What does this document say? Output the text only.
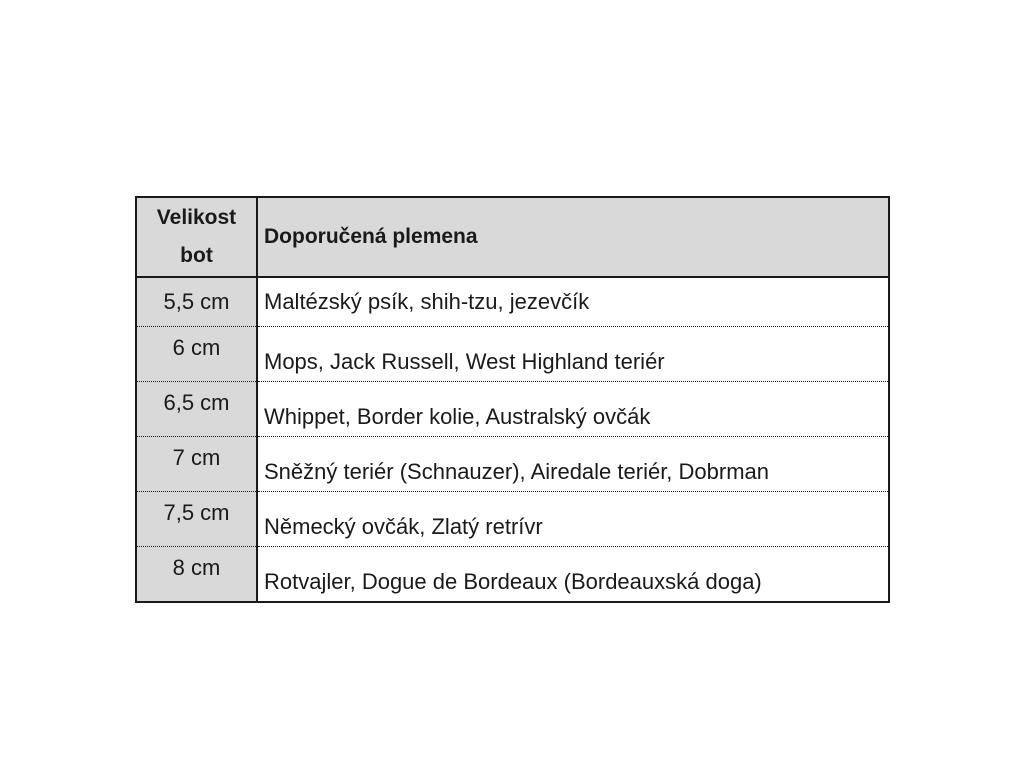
Velikost
bot	Doporučená plemena
5,5 cm	Maltézský psík, shih-tzu, jezevčík
6 cm	Mops, Jack Russell, West Highland teriér
6,5 cm	Whippet, Border kolie, Australský ovčák
7 cm	Sněžný teriér (Schnauzer), Airedale teriér, Dobrman
7,5 cm	Německý ovčák, Zlatý retrívr
8 cm	Rotvajler, Dogue de Bordeaux (Bordeauxská doga)
